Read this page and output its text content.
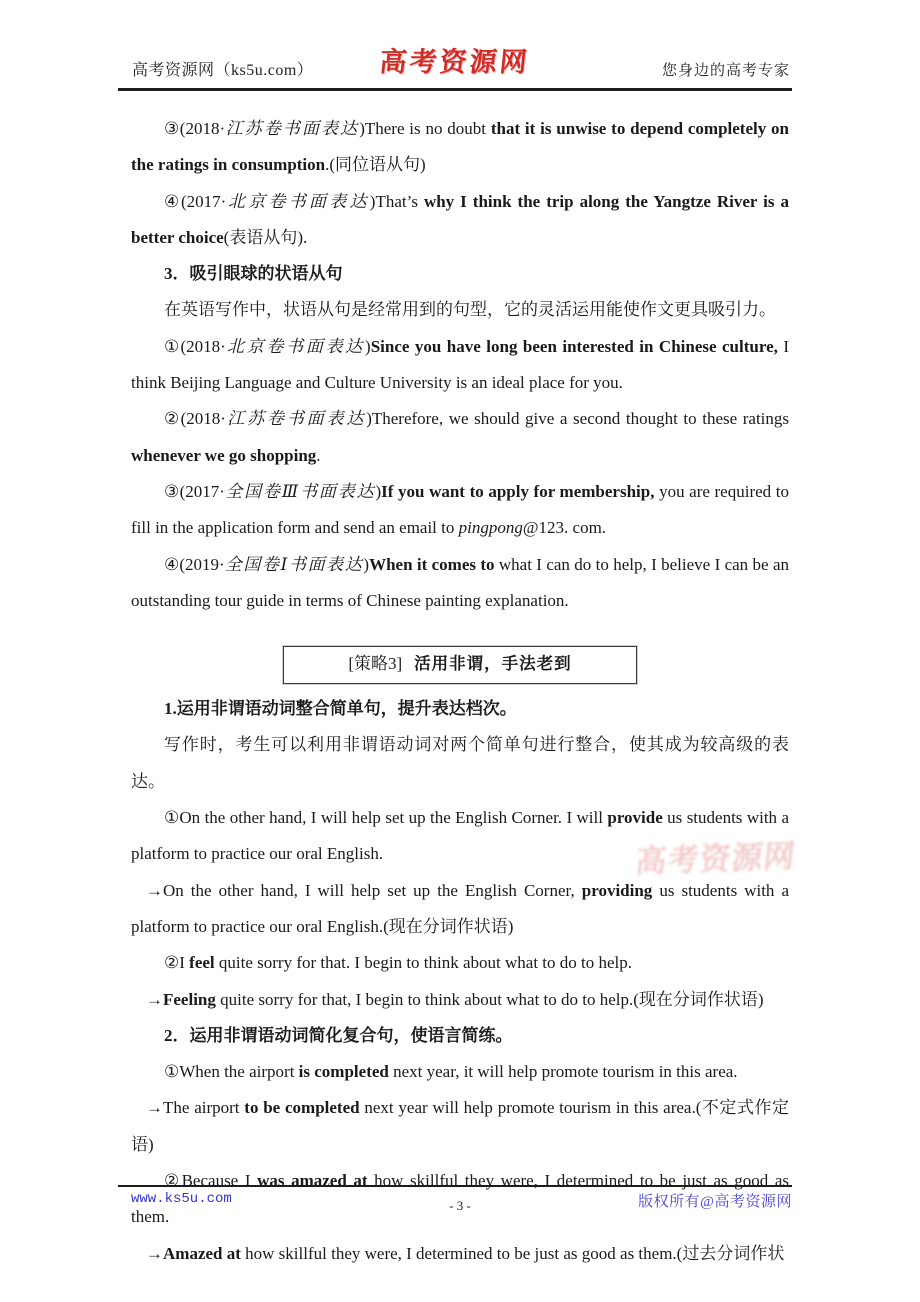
高考资源网（ks5u.com） 高考资源网	您身边的高考专家
高考资源网

③(2018·江苏卷书面表达)There is no doubt that it is unwise to depend completely on the ratings in consumption.(同位语从句)

④(2017·北京卷书面表达)That’s why I think the trip along the Yangtze River is a better choice(表语从句).

3．吸引眼球的状语从句

在英语写作中，状语从句是经常用到的句型，它的灵活运用能使作文更具吸引力。

①(2018·北京卷书面表达)Since you have long been interested in Chinese culture, I think Beijing Language and Culture University is an ideal place for you.

②(2018·江苏卷书面表达)Therefore, we should give a second thought to these ratings whenever we go shopping.

③(2017·全国卷Ⅲ书面表达)If you want to apply for membership, you are required to fill in the application form and send an email to pingpong@123. com.

④(2019·全国卷Ⅰ书面表达)When it comes to what I can do to help, I believe I can be an outstanding tour guide in terms of Chinese painting explanation.

[策略3] 活用非谓，手法老到

1.运用非谓语动词整合简单句，提升表达档次。

写作时，考生可以利用非谓语动词对两个简单句进行整合，使其成为较高级的表达。

①On the other hand, I will help set up the English Corner. I will provide us students with a platform to practice our oral English.

→On the other hand, I will help set up the English Corner, providing us students with a platform to practice our oral English.(现在分词作状语)

②I feel quite sorry for that. I begin to think about what to do to help.

→Feeling quite sorry for that, I begin to think about what to do to help.(现在分词作状语)

2．运用非谓语动词简化复合句，使语言简练。

①When the airport is completed next year, it will help promote tourism in this area.

→The airport to be completed next year will help promote tourism in this area.(不定式作定语)

②Because I was amazed at how skillful they were, I determined to be just as good as them.

→Amazed at how skillful they were, I determined to be just as good as them.(过去分词作状

www.ks5u.com	版权所有@高考资源网
- 3 -
